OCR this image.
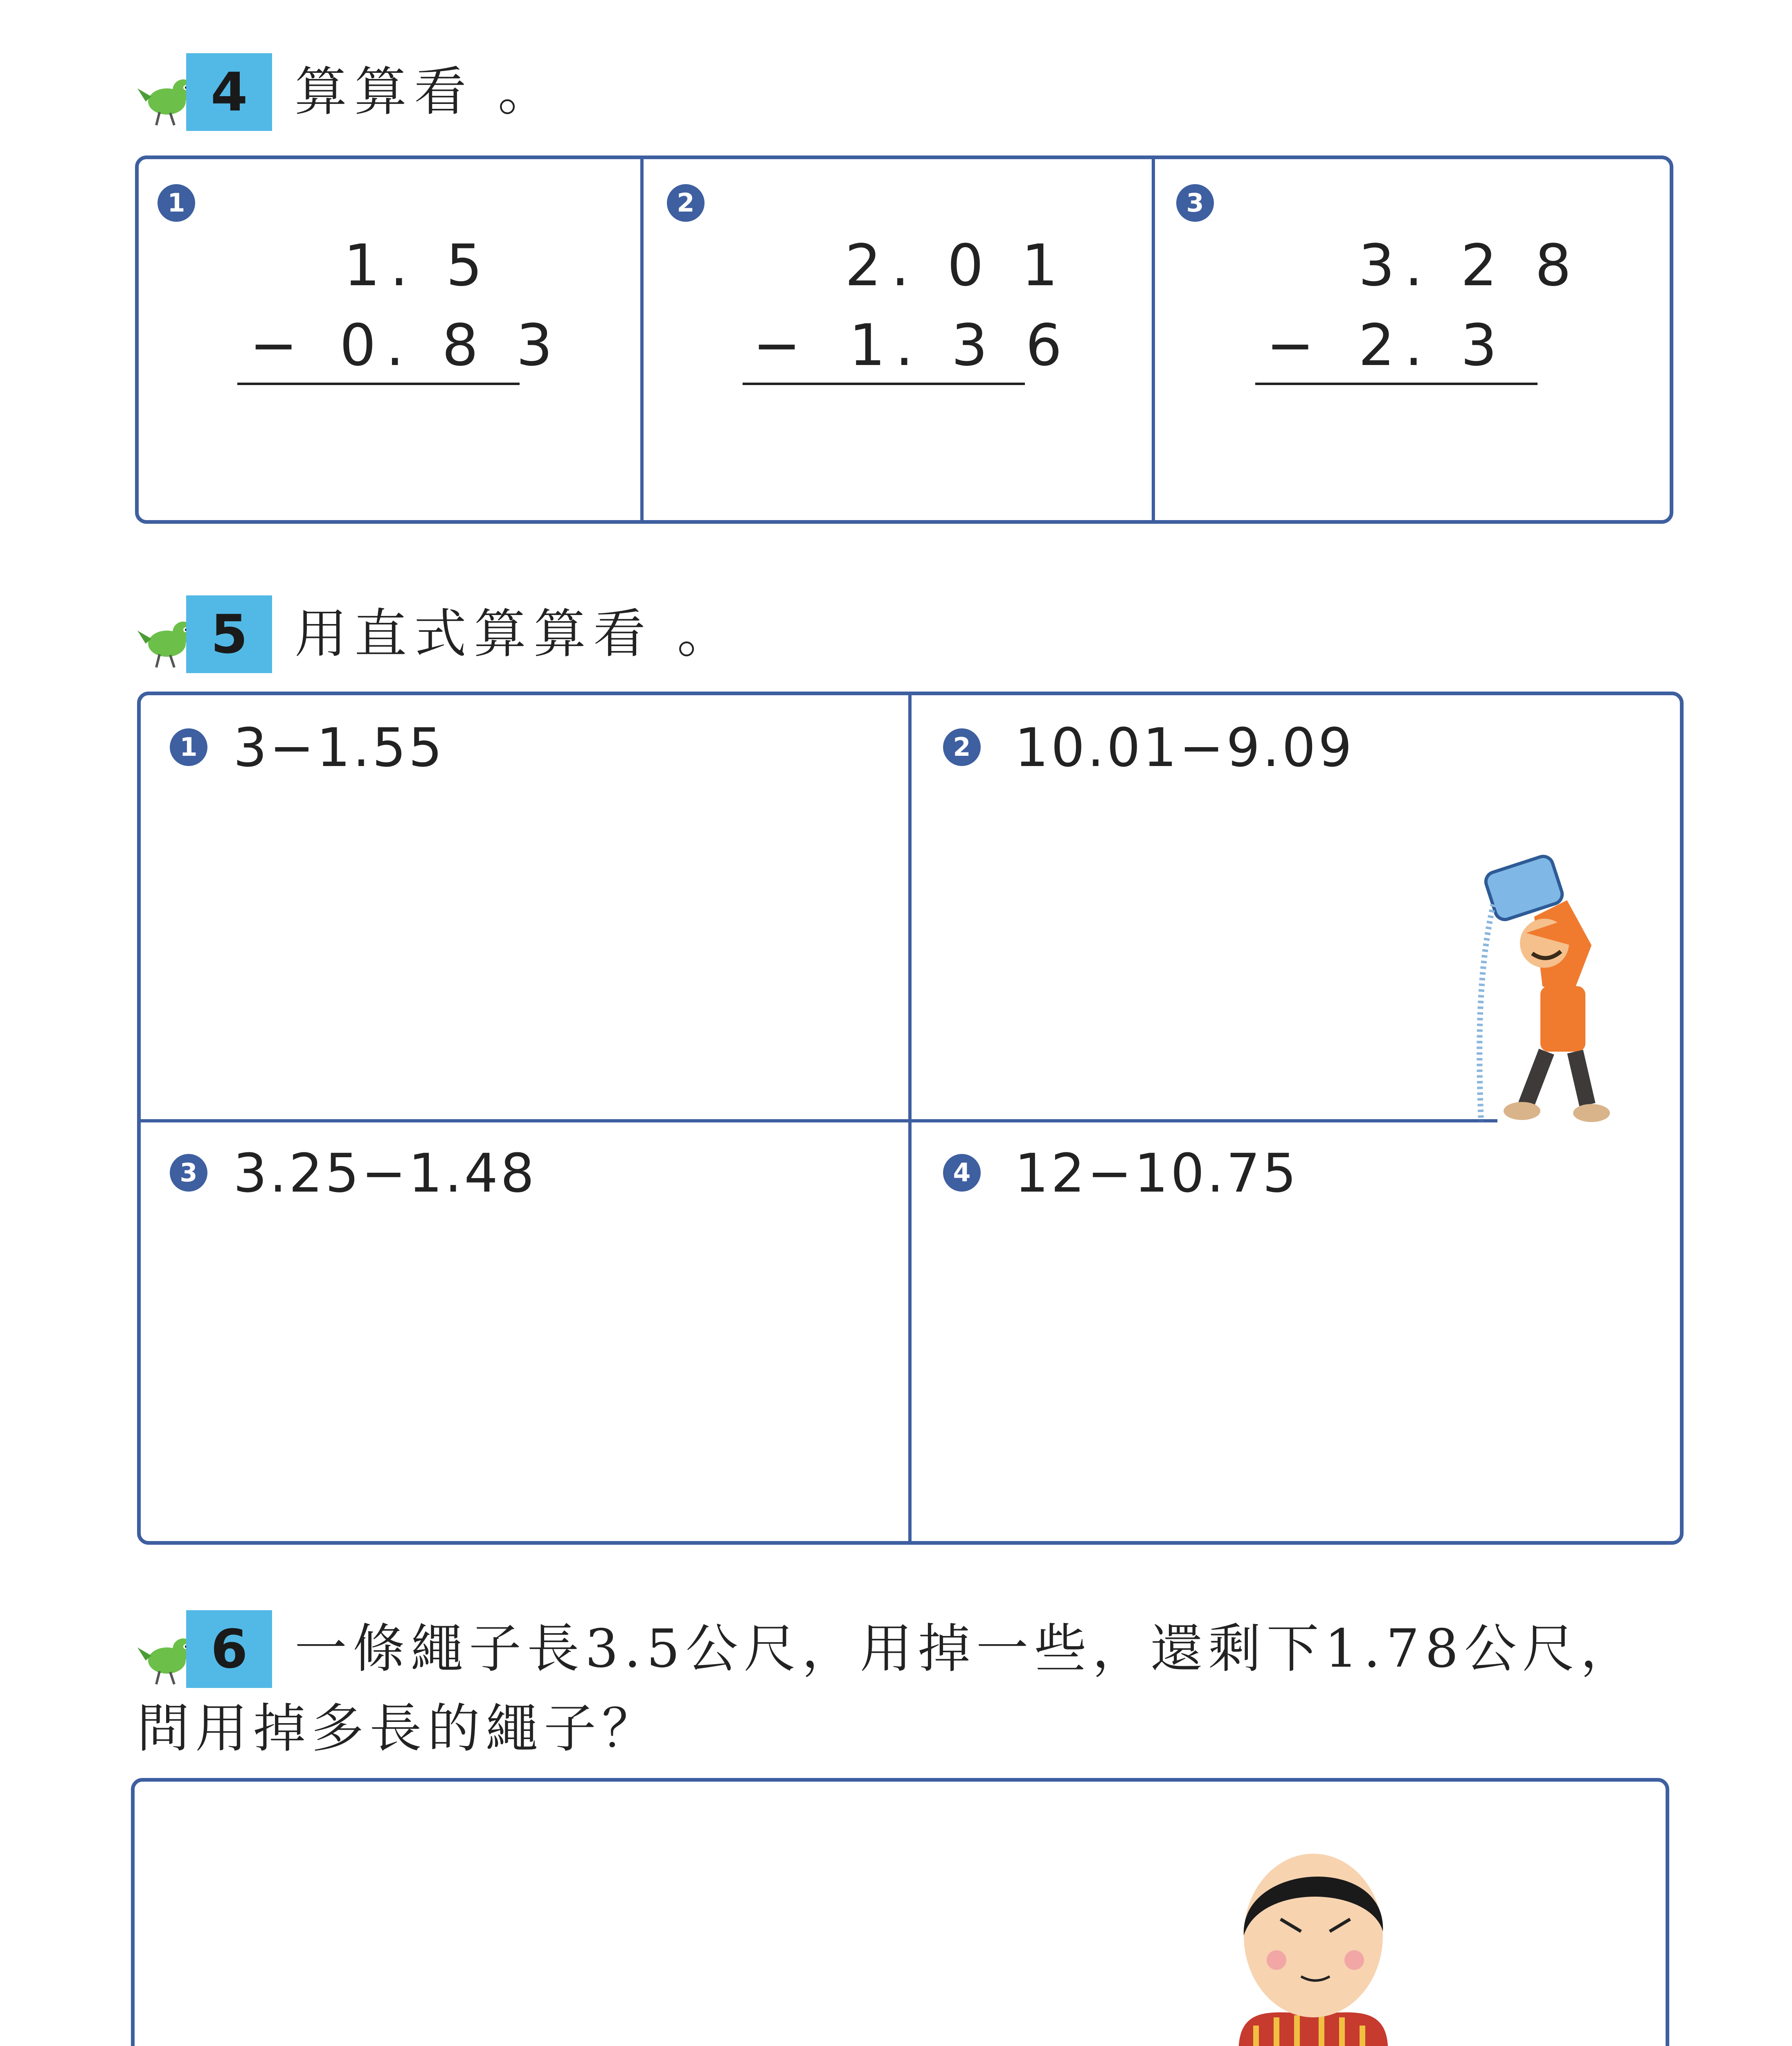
4 算算看 。
1
1. 5
− 0. 8 3
2
2. 0 1
− 1. 3 6
3
3. 2 8
− 2. 3
5 用直式算算看 。
1 3−1.55	2 10.01−9.09
3 3.25−1.48	4 12−10.75
6 一條繩子長3.5公尺，用掉一些，還剩下1.78公尺，
問用掉多長的繩子？
